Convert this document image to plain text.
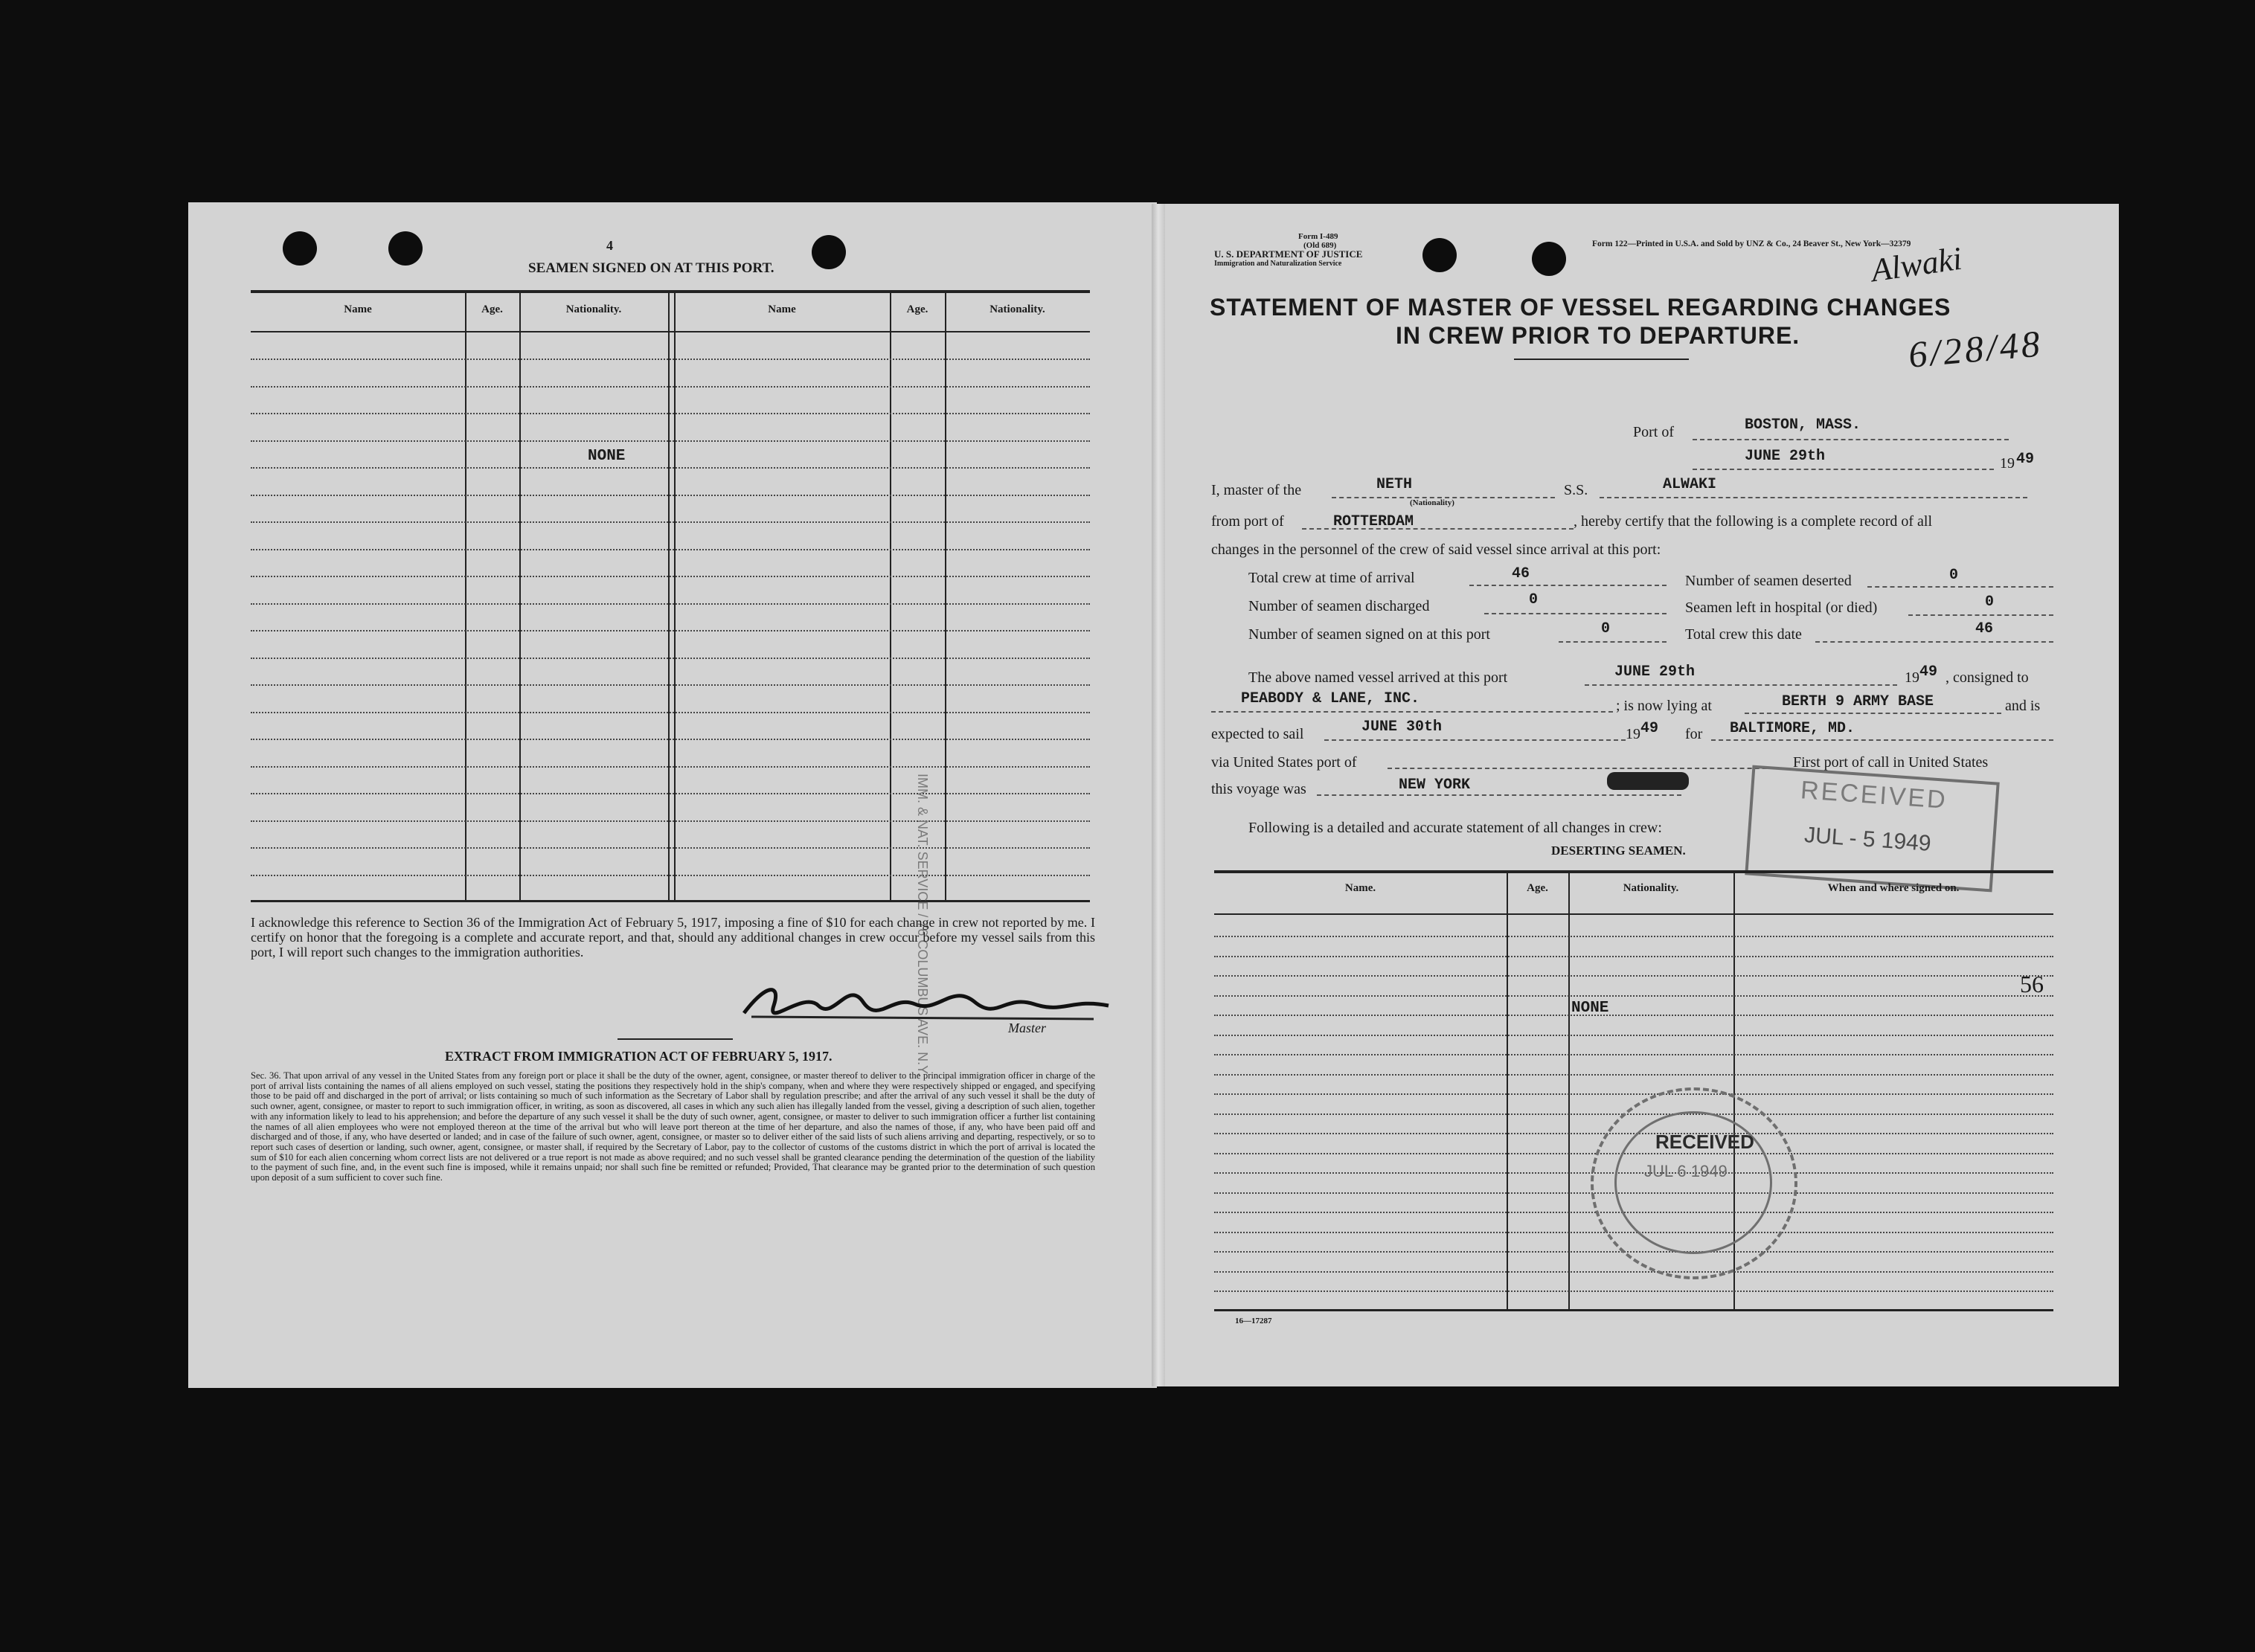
4
SEAMEN SIGNED ON AT THIS PORT.
Name	Age.	Nationality.	Name	Age.	Nationality.
NONE
IMM. & NAT. SERVICE / 76 COLUMBUS AVE. N.Y.
I acknowledge this reference to Section 36 of the Immigration Act of February 5, 1917, imposing a fine of $10 for each change in crew not reported by me. I certify on honor that the foregoing is a complete and accurate report, and that, should any additional changes in crew occur before my vessel sails from this port, I will report such changes to the immigration authorities.
Master
EXTRACT FROM IMMIGRATION ACT OF FEBRUARY 5, 1917.
Sec. 36. That upon arrival of any vessel in the United States from any foreign port or place it shall be the duty of the owner, agent, consignee, or master thereof to deliver to the principal immigration officer in charge of the port of arrival lists containing the names of all aliens employed on such vessel, stating the positions they respectively hold in the ship's company, when and where they were respectively shipped or engaged, and specifying those to be paid off and discharged in the port of arrival; or lists containing so much of such information as the Secretary of Labor shall by regulation prescribe; and after the arrival of any such vessel it shall be the duty of such owner, agent, consignee, or master to report to such immigration officer, in writing, as soon as discovered, all cases in which any such alien has illegally landed from the vessel, giving a description of such alien, together with any information likely to lead to his apprehension; and before the departure of any such vessel it shall be the duty of such owner, agent, consignee, or master to deliver to such immigration officer a further list containing the names of all alien employees who were not employed thereon at the time of the arrival but who will leave port thereon at the time of her departure, and also the names of those, if any, who have been paid off and discharged and of those, if any, who have deserted or landed; and in case of the failure of such owner, agent, consignee, or master so to deliver either of the said lists of such aliens arriving and departing, respectively, or so to report such cases of desertion or landing, such owner, agent, consignee, or master shall, if required by the Secretary of Labor, pay to the collector of customs of the customs district in which the port of arrival is located the sum of $10 for each alien concerning whom correct lists are not delivered or a true report is not made as above required; and no such vessel shall be granted clearance pending the determination of the question of the liability to the payment of such fine, and, in the event such fine is imposed, while it remains unpaid; nor shall such fine be remitted or refunded; Provided, That clearance may be granted prior to the determination of such question upon deposit of a sum sufficient to cover such fine.
Form I-489
(Old 689)
U. S. DEPARTMENT OF JUSTICE
Immigration and Naturalization Service
Form 122—Printed in U.S.A. and Sold by UNZ & Co., 24 Beaver St., New York—32379
Alwaki
6/28/48
STATEMENT OF MASTER OF VESSEL REGARDING CHANGES
IN CREW PRIOR TO DEPARTURE.
Port of	BOSTON, MASS.
JUNE 29th	19 49
I, master of the	NETH
(Nationality)
S.S.	ALWAKI
from port of	ROTTERDAM	, hereby certify that the following is a complete record of all
changes in the personnel of the crew of said vessel since arrival at this port:
Total crew at time of arrival	46	Number of seamen deserted	0
Number of seamen discharged	0	Seamen left in hospital (or died)	0
Number of seamen signed on at this port	0	Total crew this date	46
The above named vessel arrived at this port	JUNE 29th	19 49 , consigned to
PEABODY & LANE, INC.	; is now lying at	BERTH 9 ARMY BASE	and is
expected to sail	JUNE 30th	19 49 for BALTIMORE, MD.
via United States port of	First port of call in United States
this voyage was	NEW YORK	RECEIVED
JUL - 5 1949
Following is a detailed and accurate statement of all changes in crew:
DESERTING SEAMEN.
Name.	Age.	Nationality.	When and where signed on.
56
NONE
RECEIVED
JUL 6 1949
16—17287
